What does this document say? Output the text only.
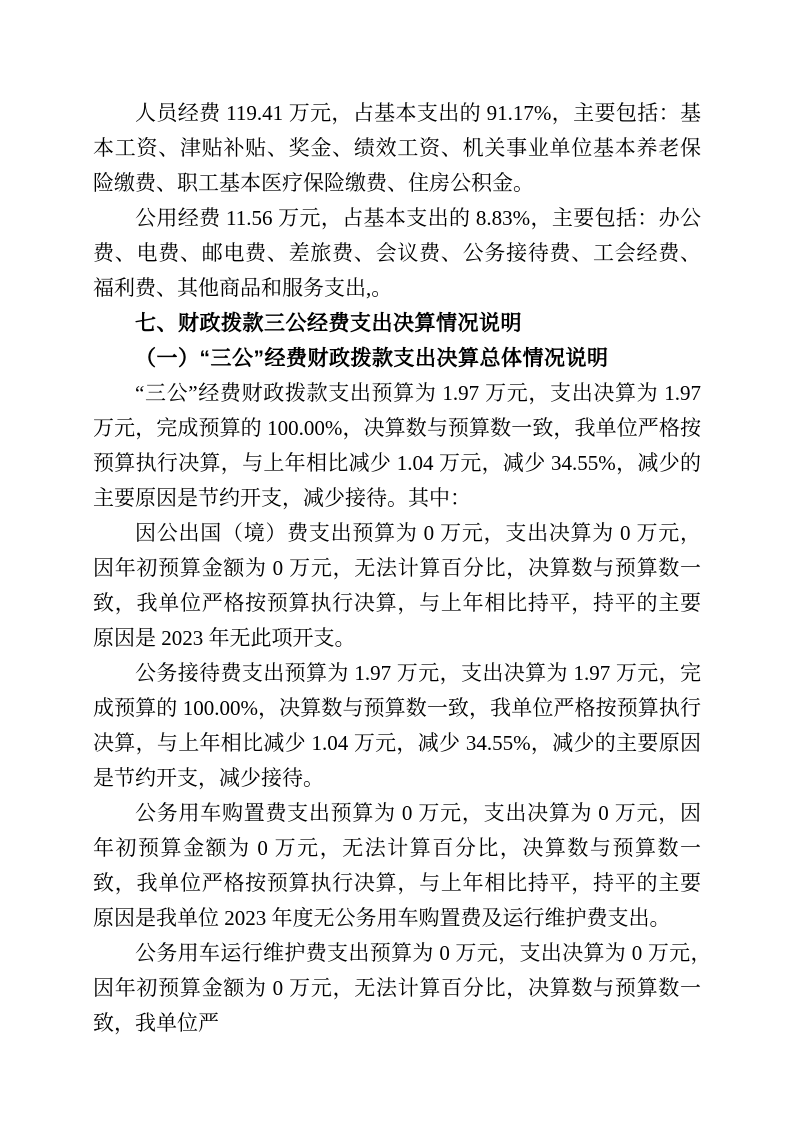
人员经费 119.41 万元，占基本支出的 91.17%，主要包括：基本工资、津贴补贴、奖金、绩效工资、机关事业单位基本养老保险缴费、职工基本医疗保险缴费、住房公积金。

公用经费 11.56 万元，占基本支出的 8.83%，主要包括：办公费、电费、邮电费、差旅费、会议费、公务接待费、工会经费、福利费、其他商品和服务支出,。

七、财政拨款三公经费支出决算情况说明

（一）“三公”经费财政拨款支出决算总体情况说明

“三公”经费财政拨款支出预算为 1.97 万元，支出决算为 1.97 万元，完成预算的 100.00%，决算数与预算数一致，我单位严格按预算执行决算，与上年相比减少 1.04 万元，减少 34.55%，减少的主要原因是节约开支，减少接待。其中：

因公出国（境）费支出预算为 0 万元，支出决算为 0 万元，因年初预算金额为 0 万元，无法计算百分比，决算数与预算数一致，我单位严格按预算执行决算，与上年相比持平，持平的主要原因是 2023 年无此项开支。

公务接待费支出预算为 1.97 万元，支出决算为 1.97 万元，完成预算的 100.00%，决算数与预算数一致，我单位严格按预算执行决算，与上年相比减少 1.04 万元，减少 34.55%，减少的主要原因是节约开支，减少接待。

公务用车购置费支出预算为 0 万元，支出决算为 0 万元，因年初预算金额为 0 万元，无法计算百分比，决算数与预算数一致，我单位严格按预算执行决算，与上年相比持平，持平的主要原因是我单位 2023 年度无公务用车购置费及运行维护费支出。

公务用车运行维护费支出预算为 0 万元，支出决算为 0 万元，　因年初预算金额为 0 万元，无法计算百分比，决算数与预算数一致，我单位严
